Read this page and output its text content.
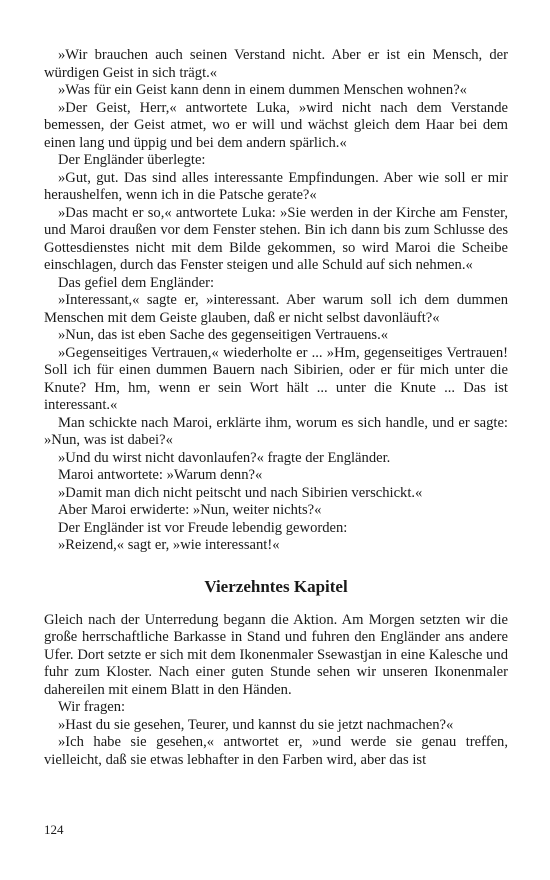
»Wir brauchen auch seinen Verstand nicht. Aber er ist ein Mensch, der würdigen Geist in sich trägt.«

»Was für ein Geist kann denn in einem dummen Menschen wohnen?«

»Der Geist, Herr,« antwortete Luka, »wird nicht nach dem Verstande bemessen, der Geist atmet, wo er will und wächst gleich dem Haar bei dem einen lang und üppig und bei dem andern spärlich.«

Der Engländer überlegte:

»Gut, gut. Das sind alles interessante Empfindungen. Aber wie soll er mir heraushelfen, wenn ich in die Patsche gerate?«

»Das macht er so,« antwortete Luka: »Sie werden in der Kirche am Fenster, und Maroi draußen vor dem Fenster stehen. Bin ich dann bis zum Schlusse des Gottesdienstes nicht mit dem Bilde gekommen, so wird Maroi die Scheibe einschlagen, durch das Fenster steigen und alle Schuld auf sich nehmen.«

Das gefiel dem Engländer:

»Interessant,« sagte er, »interessant. Aber warum soll ich dem dummen Menschen mit dem Geiste glauben, daß er nicht selbst davonläuft?«

»Nun, das ist eben Sache des gegenseitigen Vertrauens.«

»Gegenseitiges Vertrauen,« wiederholte er ... »Hm, gegenseitiges Vertrauen! Soll ich für einen dummen Bauern nach Sibirien, oder er für mich unter die Knute? Hm, hm, wenn er sein Wort hält ... unter die Knute ... Das ist interessant.«

Man schickte nach Maroi, erklärte ihm, worum es sich handle, und er sagte: »Nun, was ist dabei?«

»Und du wirst nicht davonlaufen?« fragte der Engländer.

Maroi antwortete: »Warum denn?«

»Damit man dich nicht peitscht und nach Sibirien verschickt.«

Aber Maroi erwiderte: »Nun, weiter nichts?«

Der Engländer ist vor Freude lebendig geworden:

»Reizend,« sagt er, »wie interessant!«

Vierzehntes Kapitel

Gleich nach der Unterredung begann die Aktion. Am Morgen setzten wir die große herrschaftliche Barkasse in Stand und fuhren den Engländer ans andere Ufer. Dort setzte er sich mit dem Ikonenmaler Ssewastjan in eine Kalesche und fuhr zum Kloster. Nach einer guten Stunde sehen wir unseren Ikonenmaler dahereilen mit einem Blatt in den Händen.

Wir fragen:

»Hast du sie gesehen, Teurer, und kannst du sie jetzt nachmachen?«

»Ich habe sie gesehen,« antwortet er, »und werde sie genau treffen, vielleicht, daß sie etwas lebhafter in den Farben wird, aber das ist

124
